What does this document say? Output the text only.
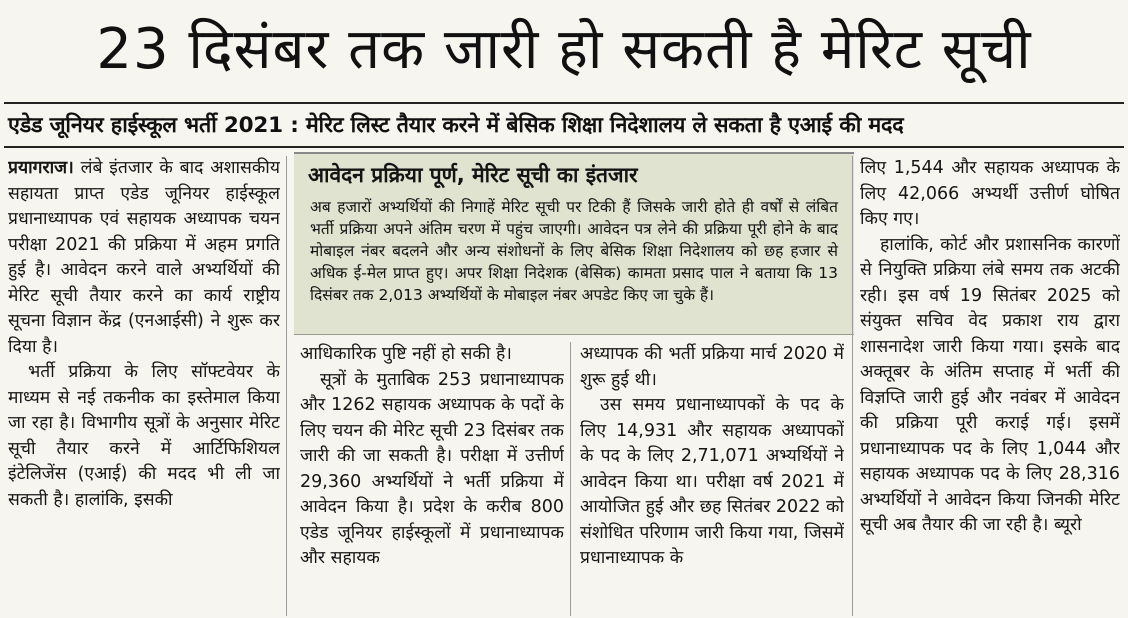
23 दिसंबर तक जारी हो सकती है मेरिट सूची
एडेड जूनियर हाईस्कूल भर्ती 2021 : मेरिट लिस्ट तैयार करने में बेसिक शिक्षा निदेशालय ले सकता है एआई की मदद

प्रयागराज। लंबे इंतजार के बाद अशासकीय सहायता प्राप्त एडेड जूनियर हाईस्कूल प्रधानाध्यापक एवं सहायक अध्यापक चयन परीक्षा 2021 की प्रक्रिया में अहम प्रगति हुई है। आवेदन करने वाले अभ्यर्थियों की मेरिट सूची तैयार करने का कार्य राष्ट्रीय सूचना विज्ञान केंद्र (एनआईसी) ने शुरू कर दिया है।

भर्ती प्रक्रिया के लिए सॉफ्टवेयर के माध्यम से नई तकनीक का इस्तेमाल किया जा रहा है। विभागीय सूत्रों के अनुसार मेरिट सूची तैयार करने में आर्टिफिशियल इंटेलिजेंस (एआई) की मदद भी ली जा सकती है। हालांकि, इसकी

आवेदन प्रक्रिया पूर्ण, मेरिट सूची का इंतजार
अब हजारों अभ्यर्थियों की निगाहें मेरिट सूची पर टिकी हैं जिसके जारी होते ही वर्षों से लंबित भर्ती प्रक्रिया अपने अंतिम चरण में पहुंच जाएगी। आवेदन पत्र लेने की प्रक्रिया पूरी होने के बाद मोबाइल नंबर बदलने और अन्य संशोधनों के लिए बेसिक शिक्षा निदेशालय को छह हजार से अधिक ई-मेल प्राप्त हुए। अपर शिक्षा निदेशक (बेसिक) कामता प्रसाद पाल ने बताया कि 13 दिसंबर तक 2,013 अभ्यर्थियों के मोबाइल नंबर अपडेट किए जा चुके हैं।

आधिकारिक पुष्टि नहीं हो सकी है।

सूत्रों के मुताबिक 253 प्रधानाध्यापक और 1262 सहायक अध्यापक के पदों के लिए चयन की मेरिट सूची 23 दिसंबर तक जारी की जा सकती है। परीक्षा में उत्तीर्ण 29,360 अभ्यर्थियों ने भर्ती प्रक्रिया में आवेदन किया है। प्रदेश के करीब 800 एडेड जूनियर हाईस्कूलों में प्रधानाध्यापक और सहायक

अध्यापक की भर्ती प्रक्रिया मार्च 2020 में शुरू हुई थी।

उस समय प्रधानाध्यापकों के पद के लिए 14,931 और सहायक अध्यापकों के पद के लिए 2,71,071 अभ्यर्थियों ने आवेदन किया था। परीक्षा वर्ष 2021 में आयोजित हुई और छह सितंबर 2022 को संशोधित परिणाम जारी किया गया, जिसमें प्रधानाध्यापक के

लिए 1,544 और सहायक अध्यापक के लिए 42,066 अभ्यर्थी उत्तीर्ण घोषित किए गए।

हालांकि, कोर्ट और प्रशासनिक कारणों से नियुक्ति प्रक्रिया लंबे समय तक अटकी रही। इस वर्ष 19 सितंबर 2025 को संयुक्त सचिव वेद प्रकाश राय द्वारा शासनादेश जारी किया गया। इसके बाद अक्तूबर के अंतिम सप्ताह में भर्ती की विज्ञप्ति जारी हुई और नवंबर में आवेदन की प्रक्रिया पूरी कराई गई। इसमें प्रधानाध्यापक पद के लिए 1,044 और सहायक अध्यापक पद के लिए 28,316 अभ्यर्थियों ने आवेदन किया जिनकी मेरिट सूची अब तैयार की जा रही है। ब्यूरो
